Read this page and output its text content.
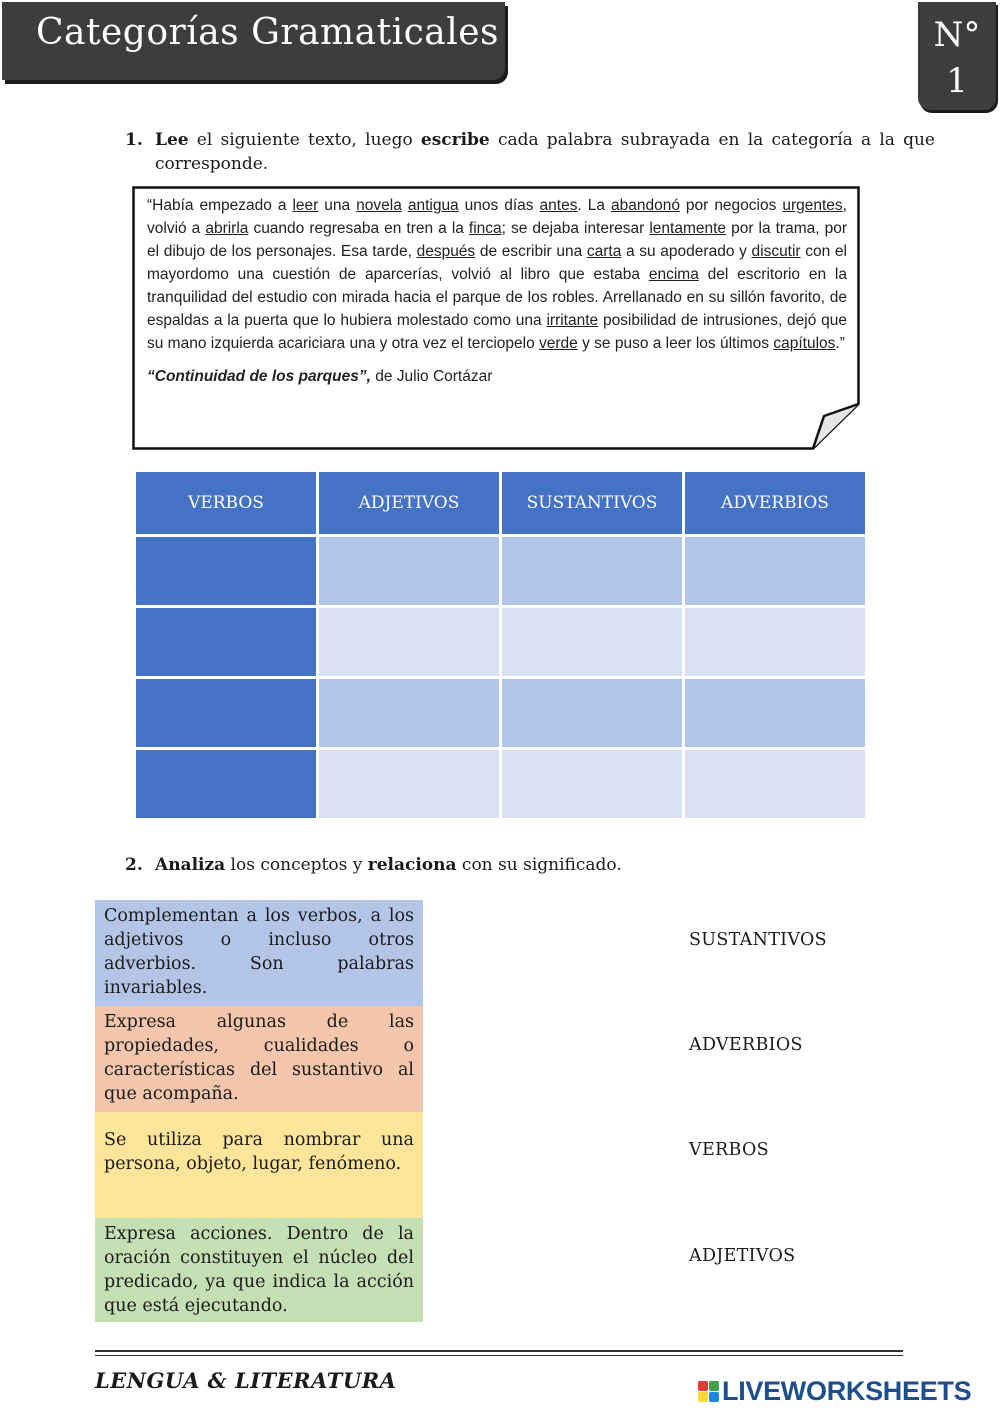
Categorías Gramaticales	N°
1
1. Lee el siguiente texto, luego escribe cada palabra subrayada en la categoría a la que corresponde.
“Había empezado a leer una novela antigua unos días antes. La abandonó por negocios urgentes, volvió a abrirla cuando regresaba en tren a la finca; se dejaba interesar lentamente por la trama, por el dibujo de los personajes. Esa tarde, después de escribir una carta a su apoderado y discutir con el mayordomo una cuestión de aparcerías, volvió al libro que estaba encima del escritorio en la tranquilidad del estudio con mirada hacia el parque de los robles. Arrellanado en su sillón favorito, de espaldas a la puerta que lo hubiera molestado como una irritante posibilidad de intrusiones, dejó que su mano izquierda acariciara una y otra vez el terciopelo verde y se puso a leer los últimos capítulos.”
“Continuidad de los parques”, de Julio Cortázar
VERBOS	ADJETIVOS	SUSTANTIVOS	ADVERBIOS

2. Analiza los conceptos y relaciona con su significado.
Complementan a los verbos, a los adjetivos o incluso otros adverbios. Son palabras invariables.
Expresa algunas de las propiedades, cualidades o características del sustantivo al que acompaña.
Se utiliza para nombrar una persona, objeto, lugar, fenómeno.
Expresa acciones. Dentro de la oración constituyen el núcleo del predicado, ya que indica la acción que está ejecutando.
SUSTANTIVOS
ADVERBIOS
VERBOS
ADJETIVOS
LENGUA & LITERATURA	LIVEWORKSHEETS
